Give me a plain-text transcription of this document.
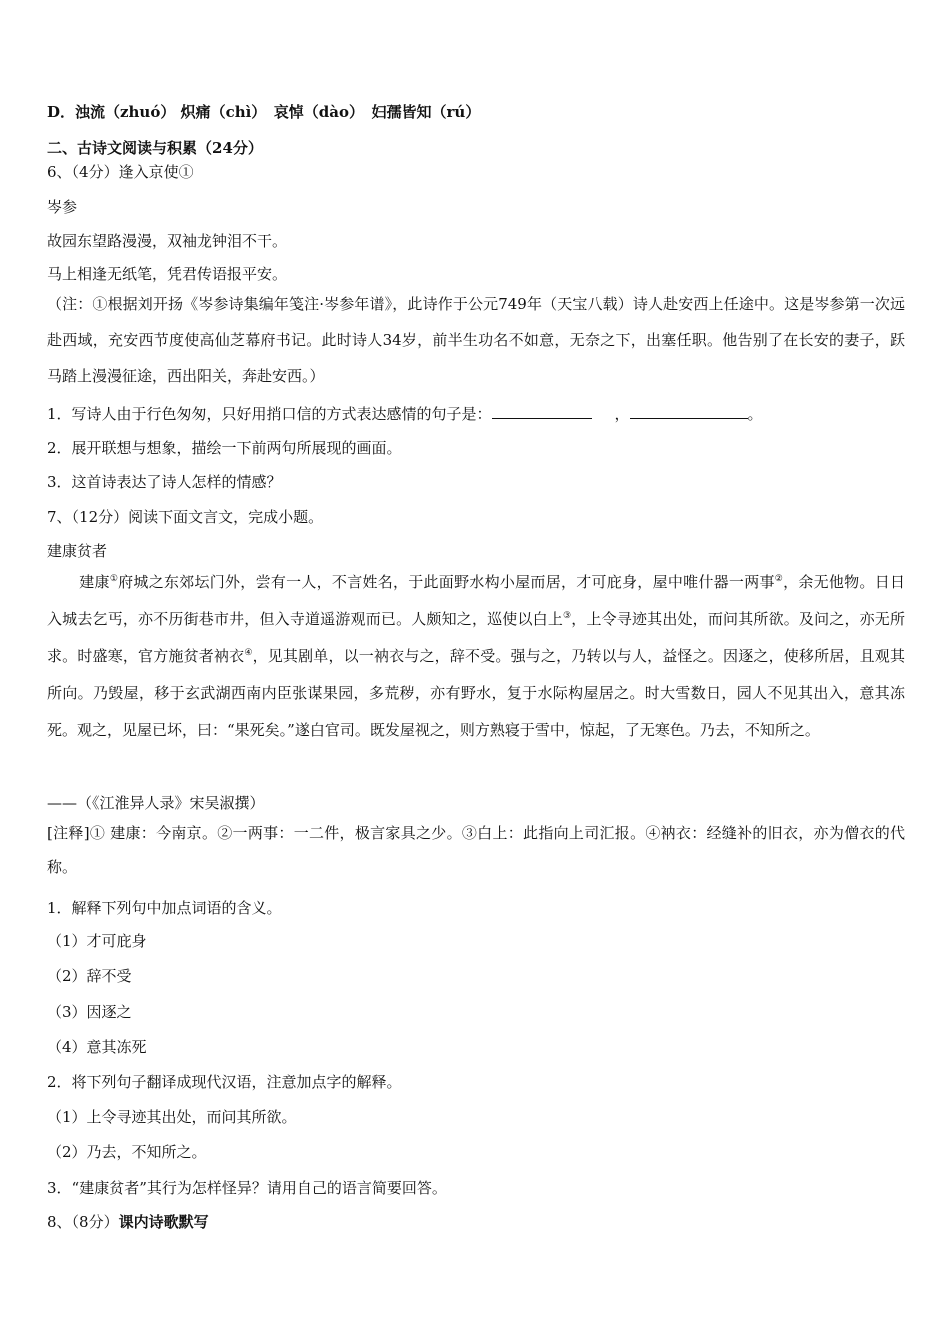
D．浊流（zhuó） 炽痛（chì）　哀悼（dào）　妇孺皆知（rú）
二、古诗文阅读与积累（24分）
6、（4分）逢入京使①
岑参
故园东望路漫漫，双袖龙钟泪不干。
马上相逢无纸笔，凭君传语报平安。
（注：①根据刘开扬《岑参诗集编年笺注·岑参年谱》，此诗作于公元749年（天宝八载）诗人赴安西上任途中。这是岑参第一次远赴西域，充安西节度使高仙芝幕府书记。此时诗人34岁，前半生功名不如意，无奈之下，出塞任职。他告别了在长安的妻子，跃马踏上漫漫征途，西出阳关，奔赴安西。）
1．写诗人由于行色匆匆，只好用捎口信的方式表达感情的句子是：	，	。
2．展开联想与想象，描绘一下前两句所展现的画面。
3．这首诗表达了诗人怎样的情感？
7、（12分）阅读下面文言文，完成小题。
建康贫者
建康①府城之东郊坛门外，尝有一人，不言姓名，于此面野水构小屋而居，才可庇身，屋中唯什器一两事②，余无他物。日日入城去乞丐，亦不历街巷市井，但入寺道遥游观而已。人颇知之，巡使以白上③，上令寻迹其出处，而问其所欲。及问之，亦无所求。时盛寒，官方施贫者衲衣④，见其剧单，以一衲衣与之，辞不受。强与之，乃转以与人，益怪之。因逐之，使移所居，且观其所向。乃毁屋，移于玄武湖西南内臣张谋果园，多荒秽，亦有野水，复于水际构屋居之。时大雪数日，园人不见其出入，意其冻死。观之，见屋已坏，曰：“果死矣。”遂白官司。既发屋视之，则方熟寝于雪中，惊起，了无寒色。乃去，不知所之。
——（《江淮异人录》宋吴淑撰）
[注释]① 建康：今南京。②一两事：一二件，极言家具之少。③白上：此指向上司汇报。④衲衣：经缝补的旧衣，亦为僧衣的代称。
1．解释下列句中加点词语的含义。
（1）才可庇身
（2）辞不受
（3）因逐之
（4）意其冻死
2．将下列句子翻译成现代汉语，注意加点字的解释。
（1）上令寻迹其出处，而问其所欲。
（2）乃去，不知所之。
3．“建康贫者”其行为怎样怪异？请用自己的语言简要回答。
8、（8分）课内诗歌默写
